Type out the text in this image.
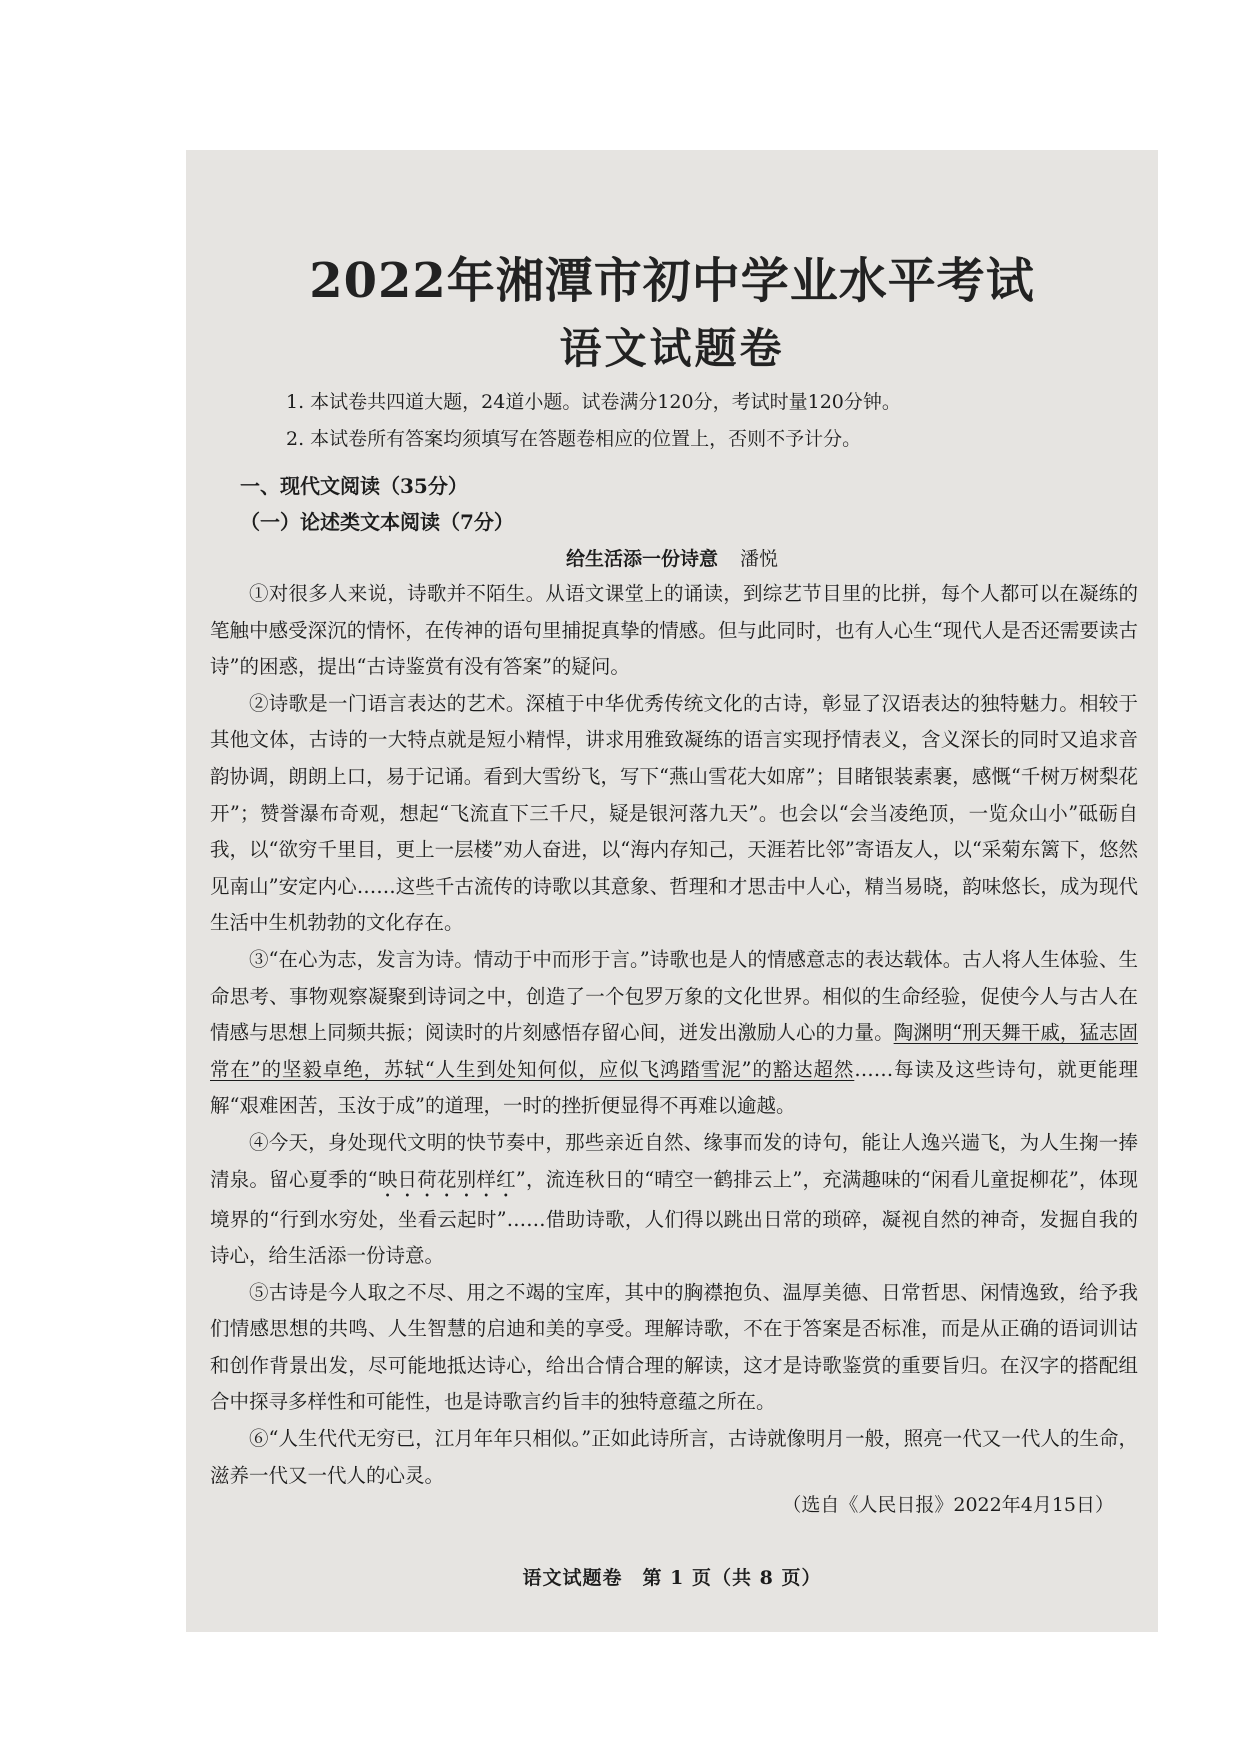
2022年湘潭市初中学业水平考试
语文试题卷
1. 本试卷共四道大题，24道小题。试卷满分120分，考试时量120分钟。
2. 本试卷所有答案均须填写在答题卷相应的位置上，否则不予计分。
一、现代文阅读（35分）
（一）论述类文本阅读（7分）
给生活添一份诗意 潘悦

①对很多人来说，诗歌并不陌生。从语文课堂上的诵读，到综艺节目里的比拼，每个人都可以在凝练的笔触中感受深沉的情怀，在传神的语句里捕捉真挚的情感。但与此同时，也有人心生“现代人是否还需要读古诗”的困惑，提出“古诗鉴赏有没有答案”的疑问。

②诗歌是一门语言表达的艺术。深植于中华优秀传统文化的古诗，彰显了汉语表达的独特魅力。相较于其他文体，古诗的一大特点就是短小精悍，讲求用雅致凝练的语言实现抒情表义，含义深长的同时又追求音韵协调，朗朗上口，易于记诵。看到大雪纷飞，写下“燕山雪花大如席”；目睹银装素裹，感慨“千树万树梨花开”；赞誉瀑布奇观，想起“飞流直下三千尺，疑是银河落九天”。也会以“会当凌绝顶，一览众山小”砥砺自我，以“欲穷千里目，更上一层楼”劝人奋进，以“海内存知己，天涯若比邻”寄语友人，以“采菊东篱下，悠然见南山”安定内心……这些千古流传的诗歌以其意象、哲理和才思击中人心，精当易晓，韵味悠长，成为现代生活中生机勃勃的文化存在。

③“在心为志，发言为诗。情动于中而形于言。”诗歌也是人的情感意志的表达载体。古人将人生体验、生命思考、事物观察凝聚到诗词之中，创造了一个包罗万象的文化世界。相似的生命经验，促使今人与古人在情感与思想上同频共振；阅读时的片刻感悟存留心间，迸发出激励人心的力量。陶渊明“刑天舞干戚，猛志固常在”的坚毅卓绝，苏轼“人生到处知何似，应似飞鸿踏雪泥”的豁达超然……每读及这些诗句，就更能理解“艰难困苦，玉汝于成”的道理，一时的挫折便显得不再难以逾越。

④今天，身处现代文明的快节奏中，那些亲近自然、缘事而发的诗句，能让人逸兴遄飞，为人生掬一捧清泉。留心夏季的“映日荷花别样红”，流连秋日的“晴空一鹤排云上”，充满趣味的“闲看儿童捉柳花”，体现境界的“行到水穷处，坐看云起时”……借助诗歌，人们得以跳出日常的琐碎，凝视自然的神奇，发掘自我的诗心，给生活添一份诗意。

⑤古诗是今人取之不尽、用之不竭的宝库，其中的胸襟抱负、温厚美德、日常哲思、闲情逸致，给予我们情感思想的共鸣、人生智慧的启迪和美的享受。理解诗歌，不在于答案是否标准，而是从正确的语词训诂和创作背景出发，尽可能地抵达诗心，给出合情合理的解读，这才是诗歌鉴赏的重要旨归。在汉字的搭配组合中探寻多样性和可能性，也是诗歌言约旨丰的独特意蕴之所在。

⑥“人生代代无穷已，江月年年只相似。”正如此诗所言，古诗就像明月一般，照亮一代又一代人的生命，滋养一代又一代人的心灵。

（选自《人民日报》2022年4月15日）
语文试题卷　第 1 页（共 8 页）
